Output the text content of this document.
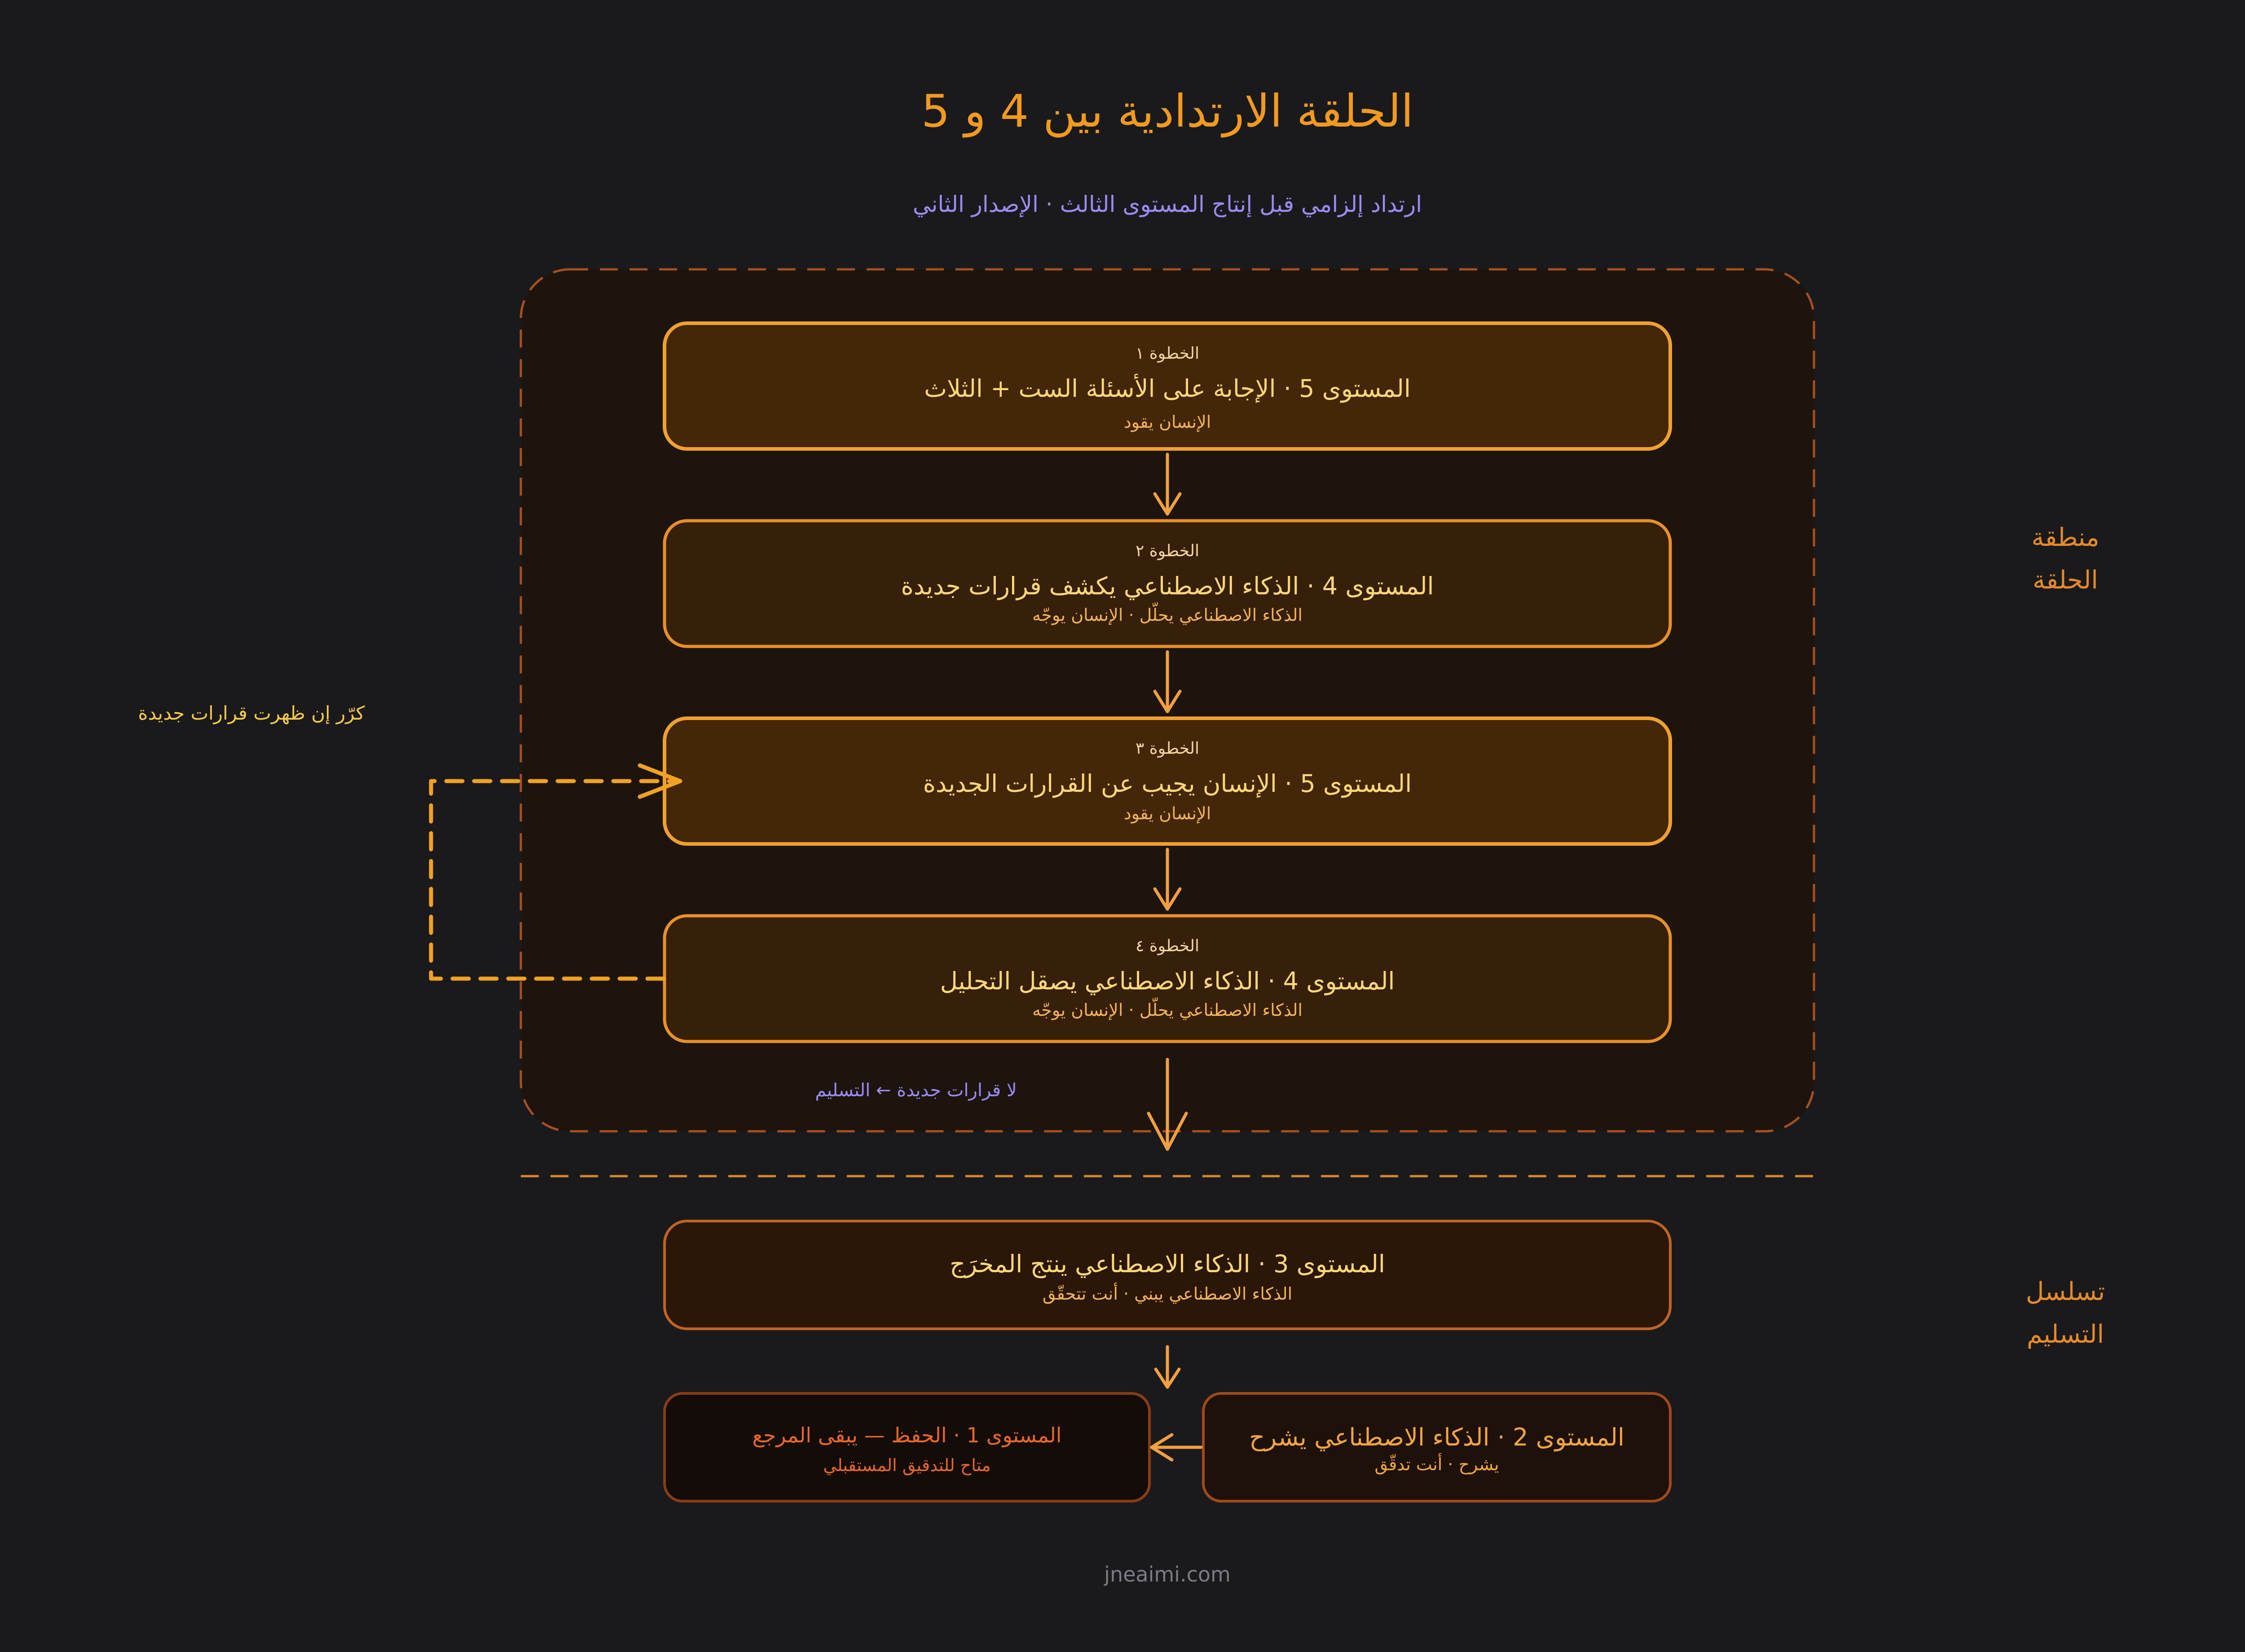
الحلقة الارتدادية بين 4 و 5
ارتداد إلزامي قبل إنتاج المستوى الثالث · الإصدار الثاني
منطقة
الحلقة
تسلسل
التسليم
الخطوة ١
المستوى 5 · الإجابة على الأسئلة الست + الثلاث
الإنسان يقود
الخطوة ٢
المستوى 4 · الذكاء الاصطناعي يكشف قرارات جديدة
الذكاء الاصطناعي يحلّل · الإنسان يوجّه
الخطوة ٣
المستوى 5 · الإنسان يجيب عن القرارات الجديدة
الإنسان يقود
الخطوة ٤
المستوى 4 · الذكاء الاصطناعي يصقل التحليل
الذكاء الاصطناعي يحلّل · الإنسان يوجّه
كرّر إن ظهرت قرارات جديدة
لا قرارات جديدة ← التسليم
المستوى 3 · الذكاء الاصطناعي ينتج المخرَج
الذكاء الاصطناعي يبني · أنت تتحقّق
المستوى 2 · الذكاء الاصطناعي يشرح
يشرح · أنت تدقّق
المستوى 1 · الحفظ — يبقى المرجع
متاح للتدقيق المستقبلي
jneaimi.com
